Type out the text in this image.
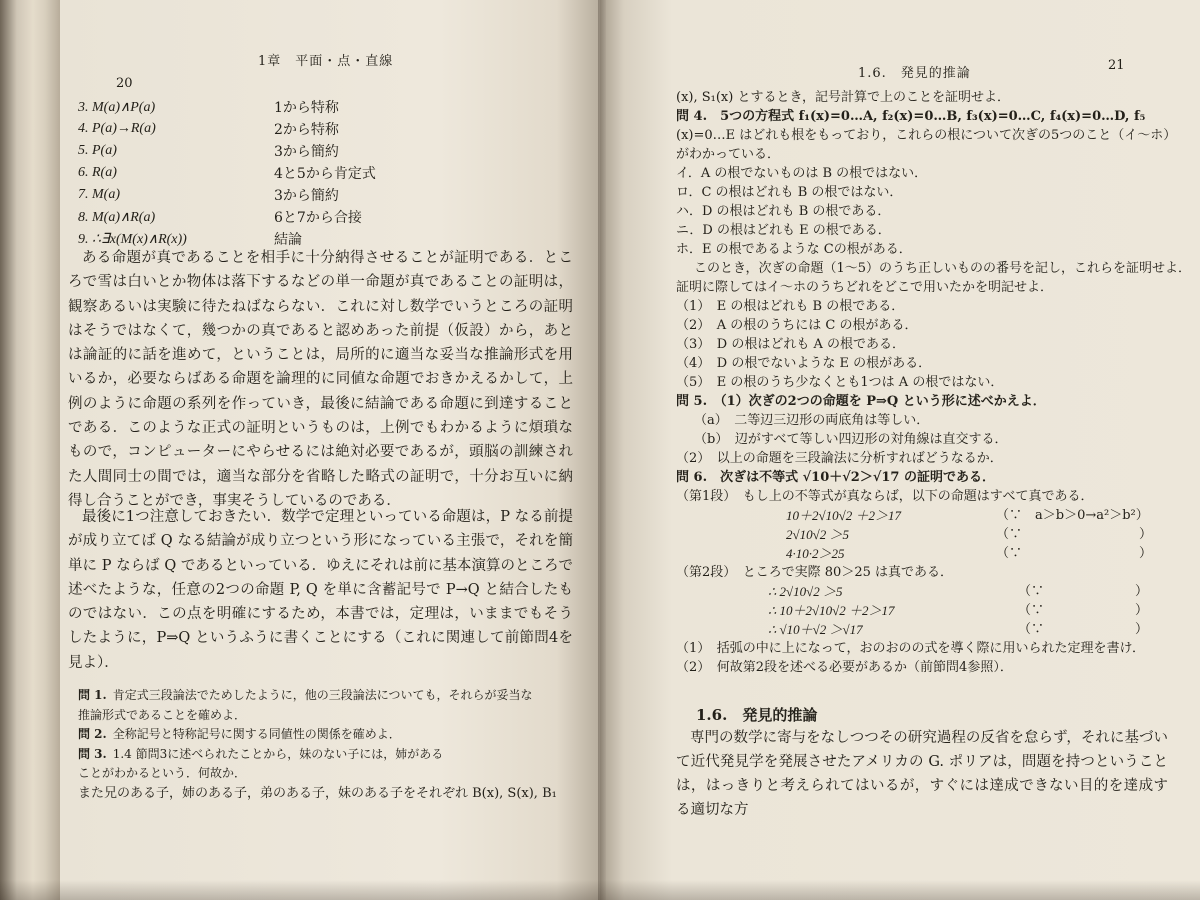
1章　平面・点・直線
20
3. M(a)∧P(a)	1から特称
4. P(a)→R(a)	2から特称
5. P(a)	3から簡約
6. R(a)	4と5から肯定式
7. M(a)	3から簡約
8. M(a)∧R(a)	6と7から合接
9. ∴∃x(M(x)∧R(x))	結論
ある命題が真であることを相手に十分納得させることが証明である．ところで雪は白いとか物体は落下するなどの単一命題が真であることの証明は，観察あるいは実験に待たねばならない．これに対し数学でいうところの証明はそうではなくて，幾つかの真であると認めあった前提（仮設）から，あとは論証的に話を進めて，ということは，局所的に適当な妥当な推論形式を用いるか，必要ならばある命題を論理的に同値な命題でおきかえるかして，上例のように命題の系列を作っていき，最後に結論である命題に到達することである．このような正式の証明というものは，上例でもわかるように煩瑣なもので，コンピューターにやらせるには絶対必要であるが，頭脳の訓練された人間同士の間では，適当な部分を省略した略式の証明で，十分お互いに納得し合うことができ，事実そうしているのである．
最後に1つ注意しておきたい．数学で定理といっている命題は，P なる前提が成り立てば Q なる結論が成り立つという形になっている主張で，それを簡単に P ならば Q であるといっている．ゆえにそれは前に基本演算のところで述べたような，任意の2つの命題 P, Q を単に含蓄記号で P→Q と結合したものではない．この点を明確にするため，本書では，定理は，いままでもそうしたように，P⇒Q というふうに書くことにする（これに関連して前節問4を見よ）．
問 1. 肯定式三段論法でためしたように，他の三段論法についても，それらが妥当な
推論形式であることを確めよ．
問 2. 全称記号と特称記号に関する同値性の関係を確めよ．
問 3. 1.4 節問3に述べられたことから，妹のない子には，姉がある
ことがわかるという．何故か．
また兄のある子，姉のある子，弟のある子，妹のある子をそれぞれ B(x), S(x), B₁
1.6.　発見的推論
21
(x), S₁(x) とするとき，記号計算で上のことを証明せよ．
問 4.　5つの方程式 f₁(x)=0…A, f₂(x)=0…B, f₃(x)=0…C, f₄(x)=0…D, f₅
(x)=0…E はどれも根をもっており，これらの根について次ぎの5つのこと（イ～ホ）
がわかっている．
イ．A の根でないものは B の根ではない．
ロ．C の根はどれも B の根ではない．
ハ．D の根はどれも B の根である．
ニ．D の根はどれも E の根である．
ホ．E の根であるような Cの根がある．
このとき，次ぎの命題（1～5）のうち正しいものの番号を記し，これらを証明せよ．
証明に際してはイ～ホのうちどれをどこで用いたかを明記せよ．
（1）　E の根はどれも B の根である．
（2）　A の根のうちには C の根がある．
（3）　D の根はどれも A の根である．
（4）　D の根でないような E の根がある．
（5）　E の根のうち少なくとも1つは A の根ではない．
問 5.　（1）次ぎの2つの命題を P⇒Q という形に述べかえよ．
（a）　二等辺三辺形の両底角は等しい．
（b）　辺がすべて等しい四辺形の対角線は直交する．
（2）　以上の命題を三段論法に分析すればどうなるか．
問 6.　次ぎは不等式 √10＋√2＞√17 の証明である．
（第1段）　もし上の不等式が真ならば，以下の命題はすべて真である．
10＋2√10√2 ＋2＞17	（∵　a＞b＞0→a²＞b²）
2√10√2 ＞5	（∵　　　　　　　　　）
4·10·2＞25	（∵　　　　　　　　　）
（第2段）　ところで実際 80＞25 は真である．
∴ 2√10√2 ＞5	（∵　　　　　　　）
∴ 10＋2√10√2 ＋2＞17	（∵　　　　　　　）
∴ √10＋√2 ＞√17	（∵　　　　　　　）
（1）　括弧の中に上になって，おのおのの式を導く際に用いられた定理を書け．
（2）　何故第2段を述べる必要があるか（前節問4参照）．
1.6.　発見的推論
専門の数学に寄与をなしつつその研究過程の反省を怠らず，それに基づいて近代発見学を発展させたアメリカの G. ポリアは，問題を持つということは，はっきりと考えられてはいるが，すぐには達成できない目的を達成する適切な方
